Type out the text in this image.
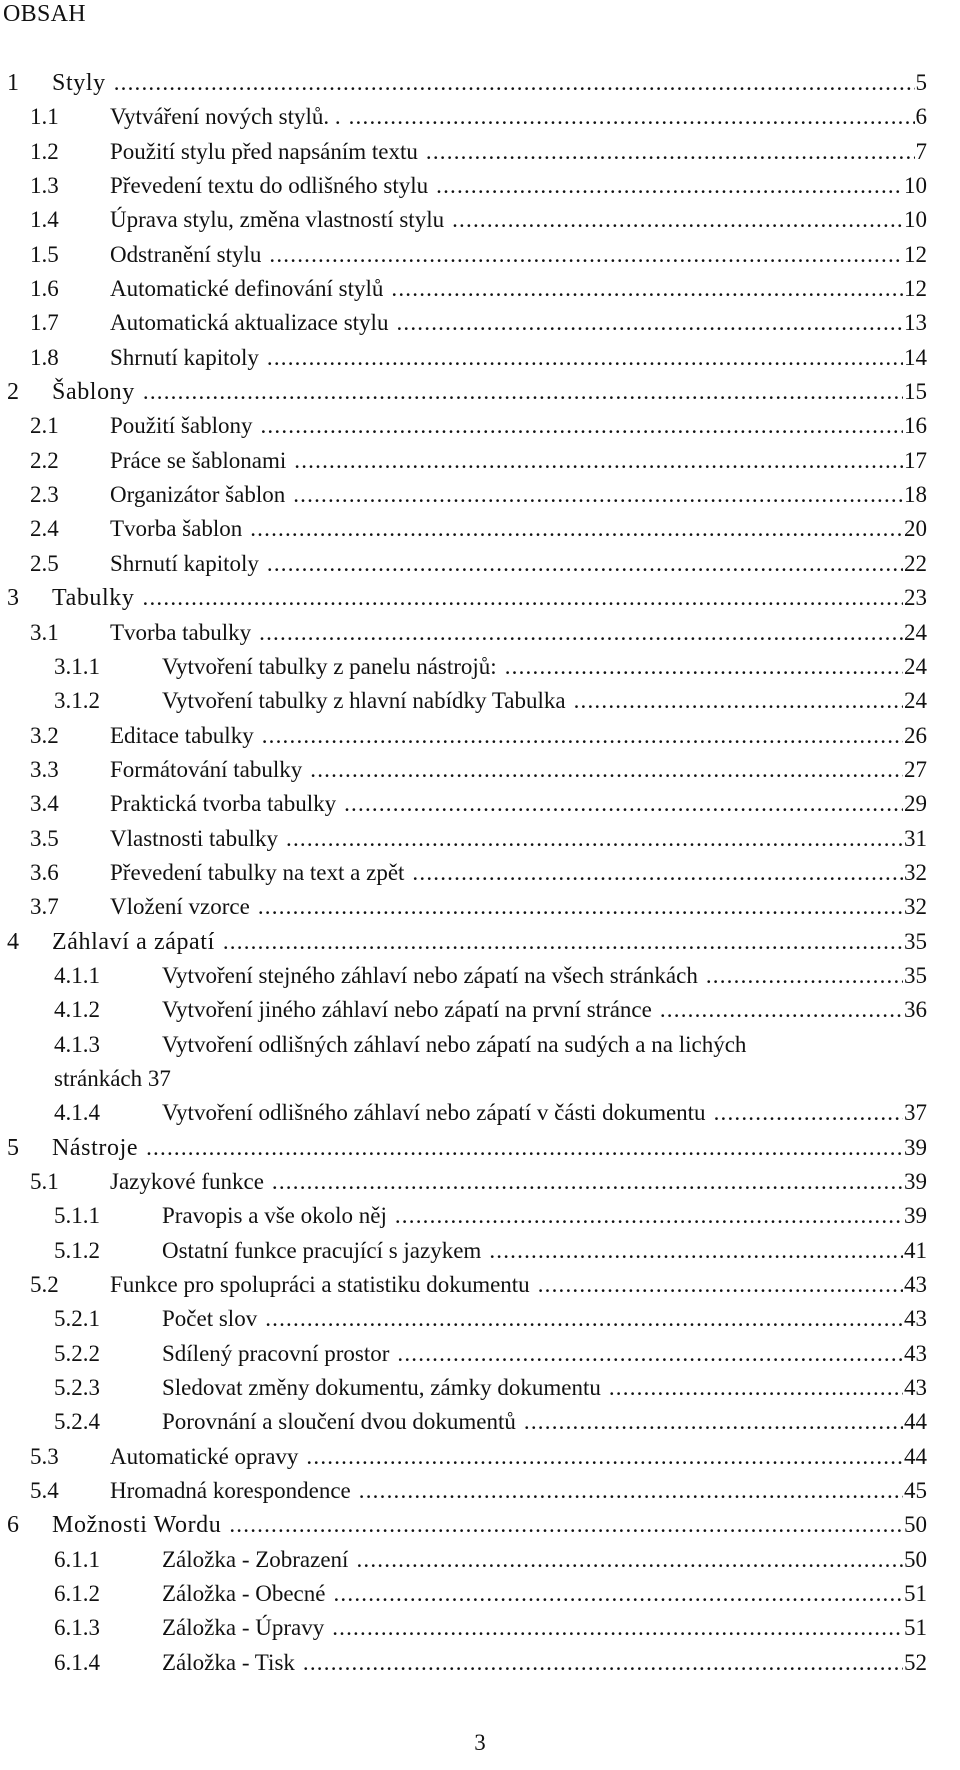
OBSAH
1 Styly .....	5
1.1 Vytváření nových stylů. . .....	6
1.2 Použití stylu před napsáním textu .....	7
1.3 Převedení textu do odlišného stylu .....	10
1.4 Úprava stylu, změna vlastností stylu .....	10
1.5 Odstranění stylu .....	12
1.6 Automatické definování stylů .....	12
1.7 Automatická aktualizace stylu .....	13
1.8 Shrnutí kapitoly .....	14
2 Šablony .....	15
2.1 Použití šablony .....	16
2.2 Práce se šablonami .....	17
2.3 Organizátor šablon .....	18
2.4 Tvorba šablon .....	20
2.5 Shrnutí kapitoly .....	22
3 Tabulky .....	23
3.1 Tvorba tabulky .....	24
3.1.1	Vytvoření tabulky z panelu nástrojů: .....	24
3.1.2	Vytvoření tabulky z hlavní nabídky Tabulka .....	24
3.2 Editace tabulky .....	26
3.3 Formátování tabulky .....	27
3.4 Praktická tvorba tabulky .....	29
3.5 Vlastnosti tabulky .....	31
3.6 Převedení tabulky na text a zpět .....	32
3.7 Vložení vzorce .....	32
4 Záhlaví a zápatí .....	35
4.1.1	Vytvoření stejného záhlaví nebo zápatí na všech stránkách .....	35
4.1.2	Vytvoření jiného záhlaví nebo zápatí na první stránce .....	36
4.1.3	Vytvoření odlišných záhlaví nebo zápatí na sudých a na lichých
stránkách 37
4.1.4	Vytvoření odlišného záhlaví nebo zápatí v části dokumentu .....	37
5 Nástroje .....	39
5.1 Jazykové funkce .....	39
5.1.1	Pravopis a vše okolo něj .....	39
5.1.2	Ostatní funkce pracující s jazykem .....	41
5.2 Funkce pro spolupráci a statistiku dokumentu .....	43
5.2.1	Počet slov .....	43
5.2.2	Sdílený pracovní prostor .....	43
5.2.3	Sledovat změny dokumentu, zámky dokumentu .....	43
5.2.4	Porovnání a sloučení dvou dokumentů .....	44
5.3 Automatické opravy .....	44
5.4 Hromadná korespondence .....	45
6 Možnosti Wordu .....	50
6.1.1	Záložka - Zobrazení .....	50
6.1.2	Záložka - Obecné .....	51
6.1.3	Záložka - Úpravy .....	51
6.1.4	Záložka - Tisk .....	52
3
